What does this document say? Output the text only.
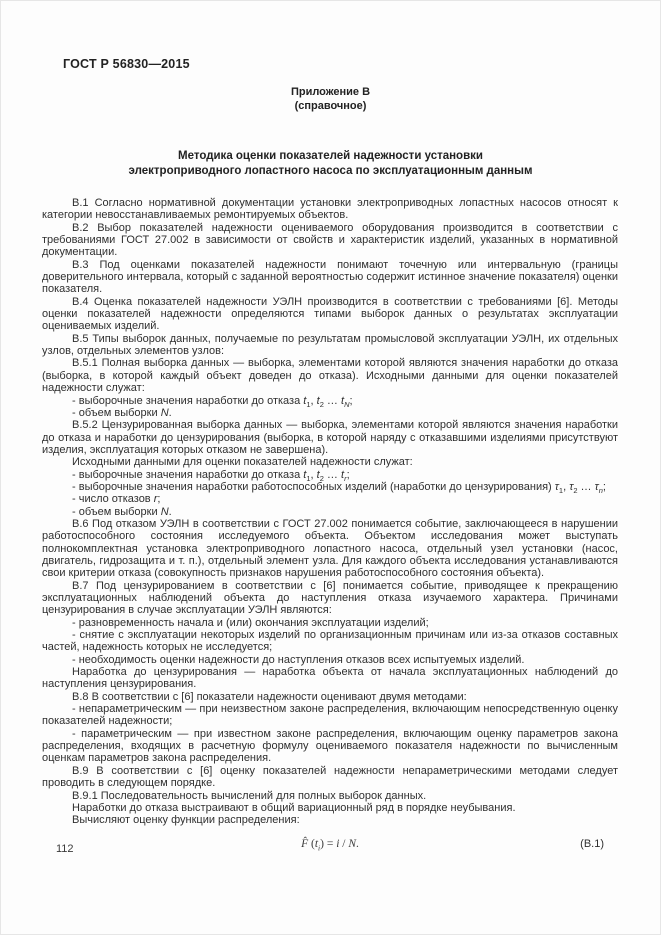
ГОСТ Р 56830—2015
Приложение В
(справочное)
Методика оценки показателей надежности установки
электроприводного лопастного насоса по эксплуатационным данным

В.1 Согласно нормативной документации установки электроприводных лопастных насосов относят к категории невосстанавливаемых ремонтируемых объектов.

В.2 Выбор показателей надежности оцениваемого оборудования производится в соответствии с требованиями ГОСТ 27.002 в зависимости от свойств и характеристик изделий, указанных в нормативной документации.

В.3 Под оценками показателей надежности понимают точечную или интервальную (границы доверительного интервала, который с заданной вероятностью содержит истинное значение показателя) оценки показателя.

В.4 Оценка показателей надежности УЭЛН производится в соответствии с требованиями [6]. Методы оценки показателей надежности определяются типами выборок данных о результатах эксплуатации оцениваемых изделий.

В.5 Типы выборок данных, получаемые по результатам промысловой эксплуатации УЭЛН, их отдельных узлов, отдельных элементов узлов:

В.5.1 Полная выборка данных — выборка, элементами которой являются значения наработки до отказа (выборка, в которой каждый объект доведен до отказа). Исходными данными для оценки показателей надежности служат:

- выборочные значения наработки до отказа $t_1$, $t_2$ … $t_N$;

- объем выборки N.

В.5.2 Цензурированная выборка данных — выборка, элементами которой являются значения наработки до отказа и наработки до цензурирования (выборка, в которой наряду с отказавшими изделиями присутствуют изделия, эксплуатация которых отказом не завершена).

Исходными данными для оценки показателей надежности служат:

- выборочные значения наработки до отказа $t_1$, $t_2$ … $t_r$;

- выборочные значения наработки работоспособных изделий (наработки до цензурирования) $\tau_1$, $\tau_2$ … $\tau_n$;

- число отказов r;

- объем выборки N.

В.6 Под отказом УЭЛН в соответствии с ГОСТ 27.002 понимается событие, заключающееся в нарушении работоспособного состояния исследуемого объекта. Объектом исследования может выступать полнокомплектная установка электроприводного лопастного насоса, отдельный узел установки (насос, двигатель, гидрозащита и т. п.), отдельный элемент узла. Для каждого объекта исследования устанавливаются свои критерии отказа (совокупность признаков нарушения работоспособного состояния объекта).

В.7 Под цензурированием в соответствии с [6] понимается событие, приводящее к прекращению эксплуатационных наблюдений объекта до наступления отказа изучаемого характера. Причинами цензурирования в случае эксплуатации УЭЛН являются:

- разновременность начала и (или) окончания эксплуатации изделий;

- снятие с эксплуатации некоторых изделий по организационным причинам или из-за отказов составных частей, надежность которых не исследуется;

- необходимость оценки надежности до наступления отказов всех испытуемых изделий.

Наработка до цензурирования — наработка объекта от начала эксплуатационных наблюдений до наступления цензурирования.

В.8 В соответствии с [6] показатели надежности оценивают двумя методами:

- непараметрическим — при неизвестном законе распределения, включающим непосредственную оценку показателей надежности;

- параметрическим — при известном законе распределения, включающим оценку параметров закона распределения, входящих в расчетную формулу оцениваемого показателя надежности по вычисленным оценкам параметров закона распределения.

В.9 В соответствии с [6] оценку показателей надежности непараметрическими методами следует проводить в следующем порядке.

В.9.1 Последовательность вычислений для полных выборок данных.

Наработки до отказа выстраивают в общий вариационный ряд в порядке неубывания.

Вычисляют оценку функции распределения:

F̂ $(t_i) = i / N$.	(В.1)
112
